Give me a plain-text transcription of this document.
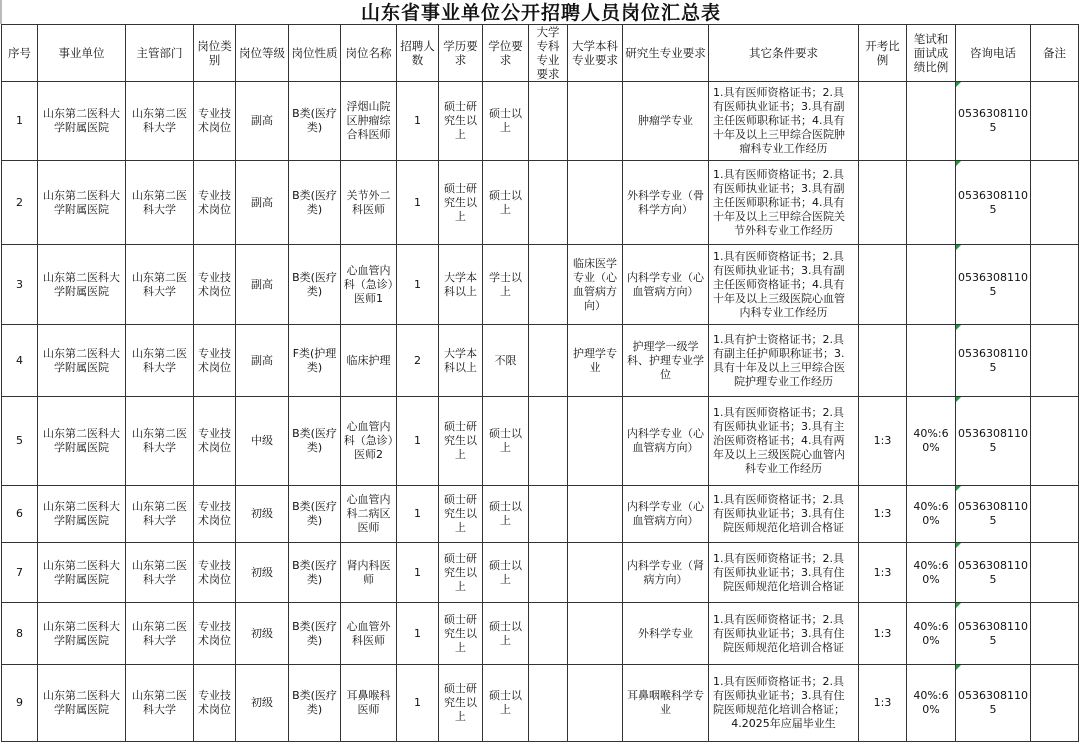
山东省事业单位公开招聘人员岗位汇总表
序号	事业单位	主管部门	岗位类别	岗位等级	岗位性质	岗位名称	招聘人数	学历要求	学位要求	大学专科专业要求	大学本科专业要求	研究生专业要求	其它条件要求	开考比例	笔试和面试成绩比例	咨询电话	备注
1	山东第二医科大学附属医院	山东第二医科大学	专业技术岗位	副高	B类(医疗类)	浮烟山院区肿瘤综合科医师	1	硕士研究生以上	硕士以上			肿瘤学专业	1.具有医师资格证书；2.具有医师执业证书；3.具有副主任医师职称证书；4.具有十年及以上三甲综合医院肿瘤科专业工作经历			05363081105	
2	山东第二医科大学附属医院	山东第二医科大学	专业技术岗位	副高	B类(医疗类)	关节外二科医师	1	硕士研究生以上	硕士以上			外科学专业（骨科学方向）	1.具有医师资格证书；2.具有医师执业证书；3.具有副主任医师职称证书；4.具有十年及以上三甲综合医院关节外科专业工作经历			05363081105	
3	山东第二医科大学附属医院	山东第二医科大学	专业技术岗位	副高	B类(医疗类)	心血管内科（急诊）医师1	1	大学本科以上	学士以上		临床医学专业（心血管病方向）	内科学专业（心血管病方向）	1.具有医师资格证书；2.具有医师执业证书；3.具有副主任医师资格证书；4.具有十年及以上三级医院心血管内科专业工作经历			05363081105	
4	山东第二医科大学附属医院	山东第二医科大学	专业技术岗位	副高	F类(护理类)	临床护理	2	大学本科以上	不限		护理学专业	护理学一级学科、护理专业学位	1.具有护士资格证书；2.具有副主任护师职称证书；3.具有十年及以上三甲综合医院护理专业工作经历			05363081105	
5	山东第二医科大学附属医院	山东第二医科大学	专业技术岗位	中级	B类(医疗类)	心血管内科（急诊）医师2	1	硕士研究生以上	硕士以上			内科学专业（心血管病方向）	1.具有医师资格证书；2.具有医师执业证书；3.具有主治医师资格证书；4.具有两年及以上三级医院心血管内科专业工作经历	1:3	40%:60%	05363081105	
6	山东第二医科大学附属医院	山东第二医科大学	专业技术岗位	初级	B类(医疗类)	心血管内科二病区医师	1	硕士研究生以上	硕士以上			内科学专业（心血管病方向）	1.具有医师资格证书；2.具有医师执业证书；3.具有住院医师规范化培训合格证	1:3	40%:60%	05363081105	
7	山东第二医科大学附属医院	山东第二医科大学	专业技术岗位	初级	B类(医疗类)	肾内科医师	1	硕士研究生以上	硕士以上			内科学专业（肾病方向）	1.具有医师资格证书；2.具有医师执业证书；3.具有住院医师规范化培训合格证	1:3	40%:60%	05363081105	
8	山东第二医科大学附属医院	山东第二医科大学	专业技术岗位	初级	B类(医疗类)	心血管外科医师	1	硕士研究生以上	硕士以上			外科学专业	1.具有医师资格证书；2.具有医师执业证书；3.具有住院医师规范化培训合格证	1:3	40%:60%	05363081105	
9	山东第二医科大学附属医院	山东第二医科大学	专业技术岗位	初级	B类(医疗类)	耳鼻喉科医师	1	硕士研究生以上	硕士以上			耳鼻咽喉科学专业	1.具有医师资格证书；2.具有医师执业证书；3.具有住院医师规范化培训合格证；4.2025年应届毕业生	1:3	40%:60%	05363081105	
